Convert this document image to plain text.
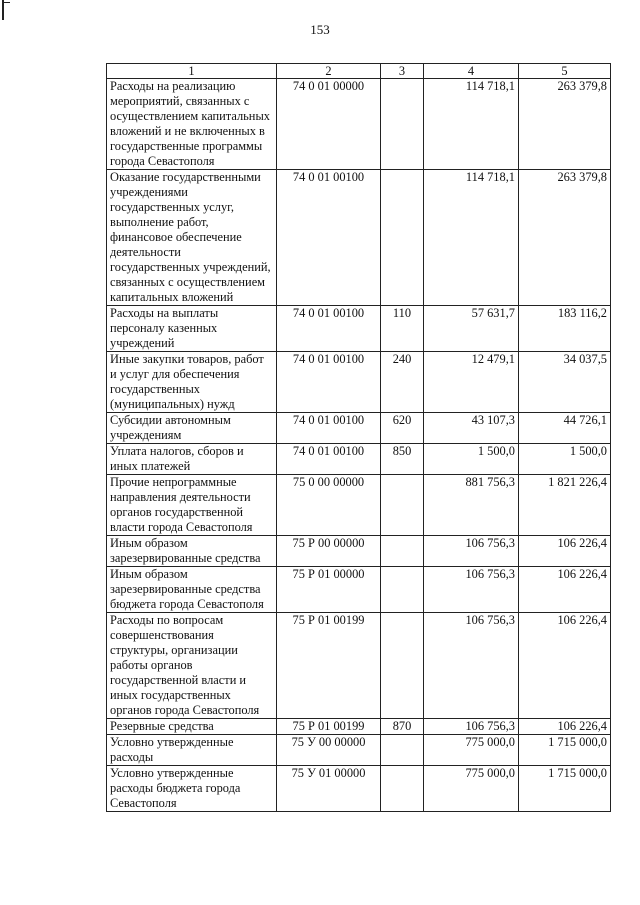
153
1	2	3	4	5
Расходы на реализацию мероприятий, связанных с осуществлением капитальных вложений и не включенных в государственные программы города Севастополя	74 0 01 00000		114 718,1	263 379,8
Оказание государственными учреждениями государственных услуг, выполнение работ, финансовое обеспечение деятельности государственных учреждений, связанных с осуществлением капитальных вложений	74 0 01 00100		114 718,1	263 379,8
Расходы на выплаты персоналу казенных учреждений	74 0 01 00100	110	57 631,7	183 116,2
Иные закупки товаров, работ и услуг для обеспечения государственных (муниципальных) нужд	74 0 01 00100	240	12 479,1	34 037,5
Субсидии автономным учреждениям	74 0 01 00100	620	43 107,3	44 726,1
Уплата налогов, сборов и иных платежей	74 0 01 00100	850	1 500,0	1 500,0
Прочие непрограммные направления деятельности органов государственной власти города Севастополя	75 0 00 00000		881 756,3	1 821 226,4
Иным образом зарезервированные средства	75 Р 00 00000		106 756,3	106 226,4
Иным образом зарезервированные средства бюджета города Севастополя	75 Р 01 00000		106 756,3	106 226,4
Расходы по вопросам совершенствования структуры, организации работы органов государственной власти и иных государственных органов города Севастополя	75 Р 01 00199		106 756,3	106 226,4
Резервные средства	75 Р 01 00199	870	106 756,3	106 226,4
Условно утвержденные расходы	75 У 00 00000		775 000,0	1 715 000,0
Условно утвержденные расходы бюджета города Севастополя	75 У 01 00000		775 000,0	1 715 000,0
